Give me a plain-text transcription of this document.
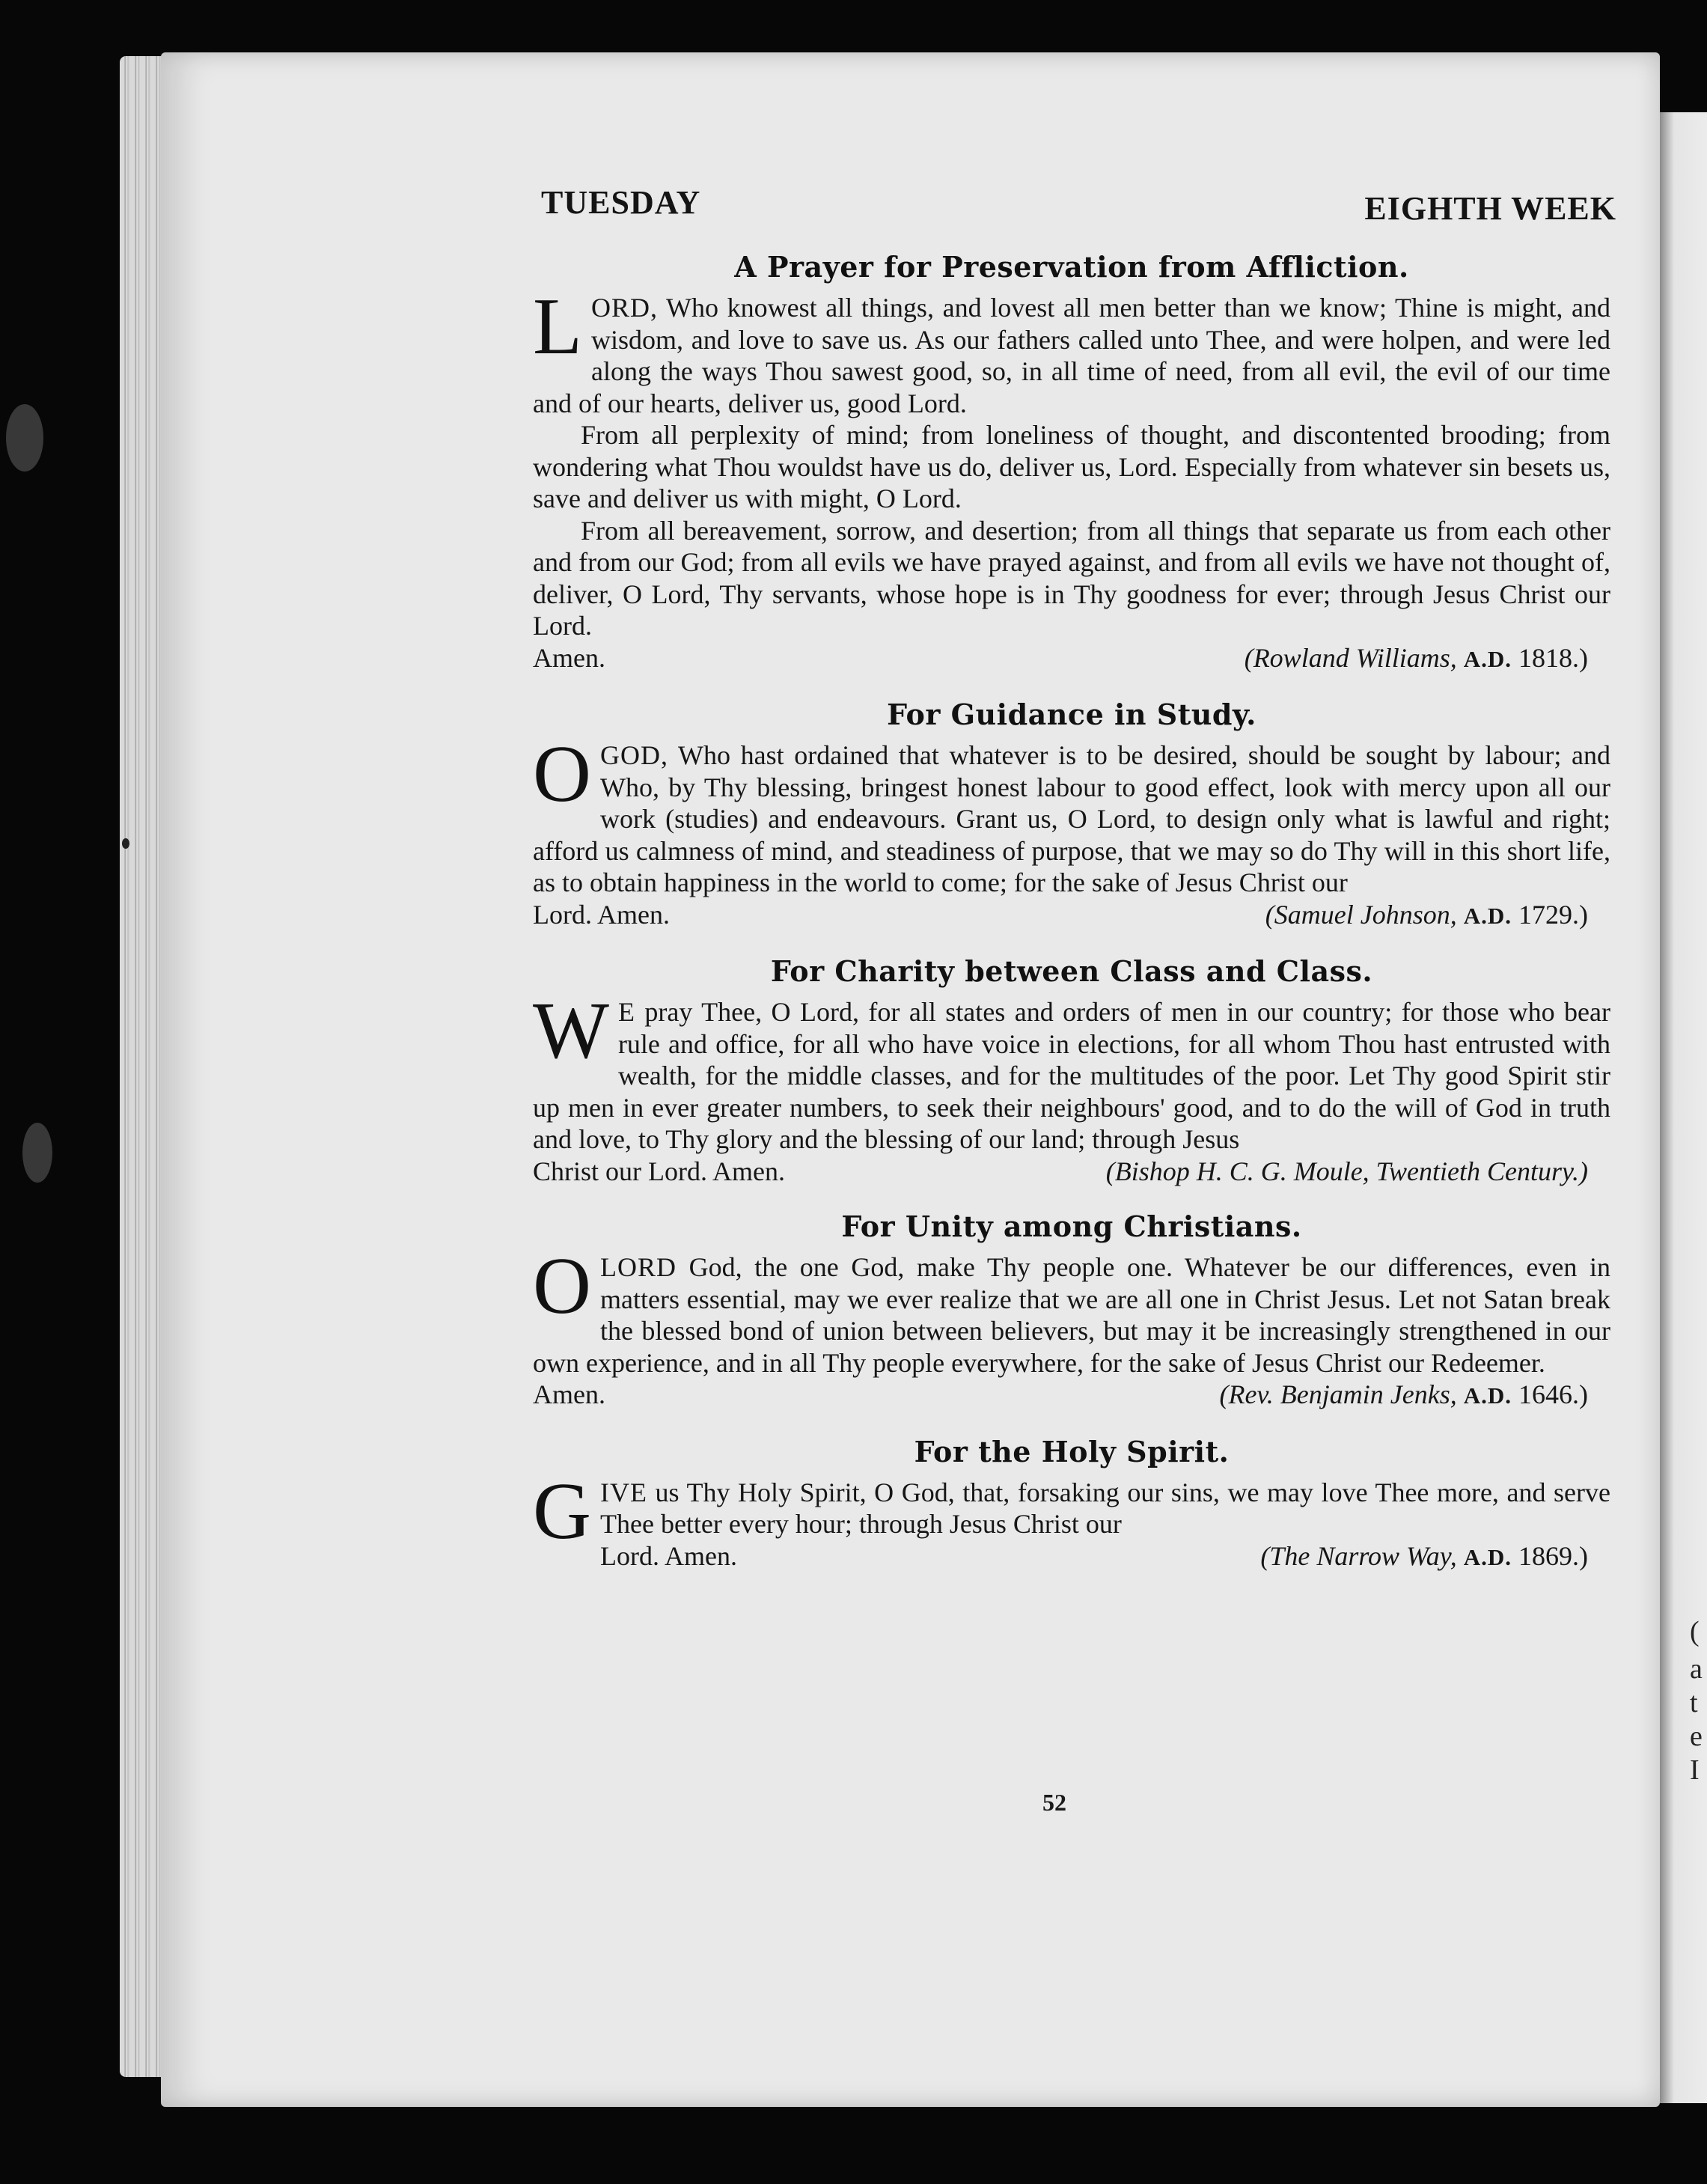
(
a
t
e
I
TUESDAY	EIGHTH WEEK
A Prayer for Preservation from Affliction.

LORD, Who knowest all things, and lovest all men better than we know; Thine is might, and wisdom, and love to save us. As our fathers called unto Thee, and were holpen, and were led along the ways Thou sawest good, so, in all time of need, from all evil, the evil of our time and of our hearts, deliver us, good Lord.

From all perplexity of mind; from loneliness of thought, and discontented brooding; from wondering what Thou wouldst have us do, deliver us, Lord. Especially from whatever sin besets us, save and deliver us with might, O Lord.

From all bereavement, sorrow, and desertion; from all things that separate us from each other and from our God; from all evils we have prayed against, and from all evils we have not thought of, deliver, O Lord, Thy servants, whose hope is in Thy goodness for ever; through Jesus Christ our Lord.

Amen.	(Rowland Williams, A.D. 1818.)
For Guidance in Study.

OGOD, Who hast ordained that whatever is to be desired, should be sought by labour; and Who, by Thy blessing, bringest honest labour to good effect, look with mercy upon all our work (studies) and endeavours. Grant us, O Lord, to design only what is lawful and right; afford us calmness of mind, and steadiness of purpose, that we may so do Thy will in this short life, as to obtain happiness in the world to come; for the sake of Jesus Christ our

Lord. Amen.	(Samuel Johnson, A.D. 1729.)
For Charity between Class and Class.

W E pray Thee, O Lord, for all states and orders of men in our country; for those who bear rule and office, for all who have voice in elections, for all whom Thou hast entrusted with wealth, for the middle classes, and for the multitudes of the poor. Let Thy good Spirit stir up men in ever greater numbers, to seek their neighbours' good, and to do the will of God in truth and love, to Thy glory and the blessing of our land; through Jesus

Christ our Lord. Amen.	(Bishop H. C. G. Moule, Twentieth Century.)
For Unity among Christians.

OLORD God, the one God, make Thy people one. Whatever be our differences, even in matters essential, may we ever realize that we are all one in Christ Jesus. Let not Satan break the blessed bond of union between believers, but may it be increasingly strengthened in our own experience, and in all Thy people everywhere, for the sake of Jesus Christ our Redeemer.

Amen.	(Rev. Benjamin Jenks, A.D. 1646.)
For the Holy Spirit.

GIVE us Thy Holy Spirit, O God, that, forsaking our sins, we may love Thee more, and serve Thee better every hour; through Jesus Christ our

Lord. Amen.	(The Narrow Way, A.D. 1869.)
52
